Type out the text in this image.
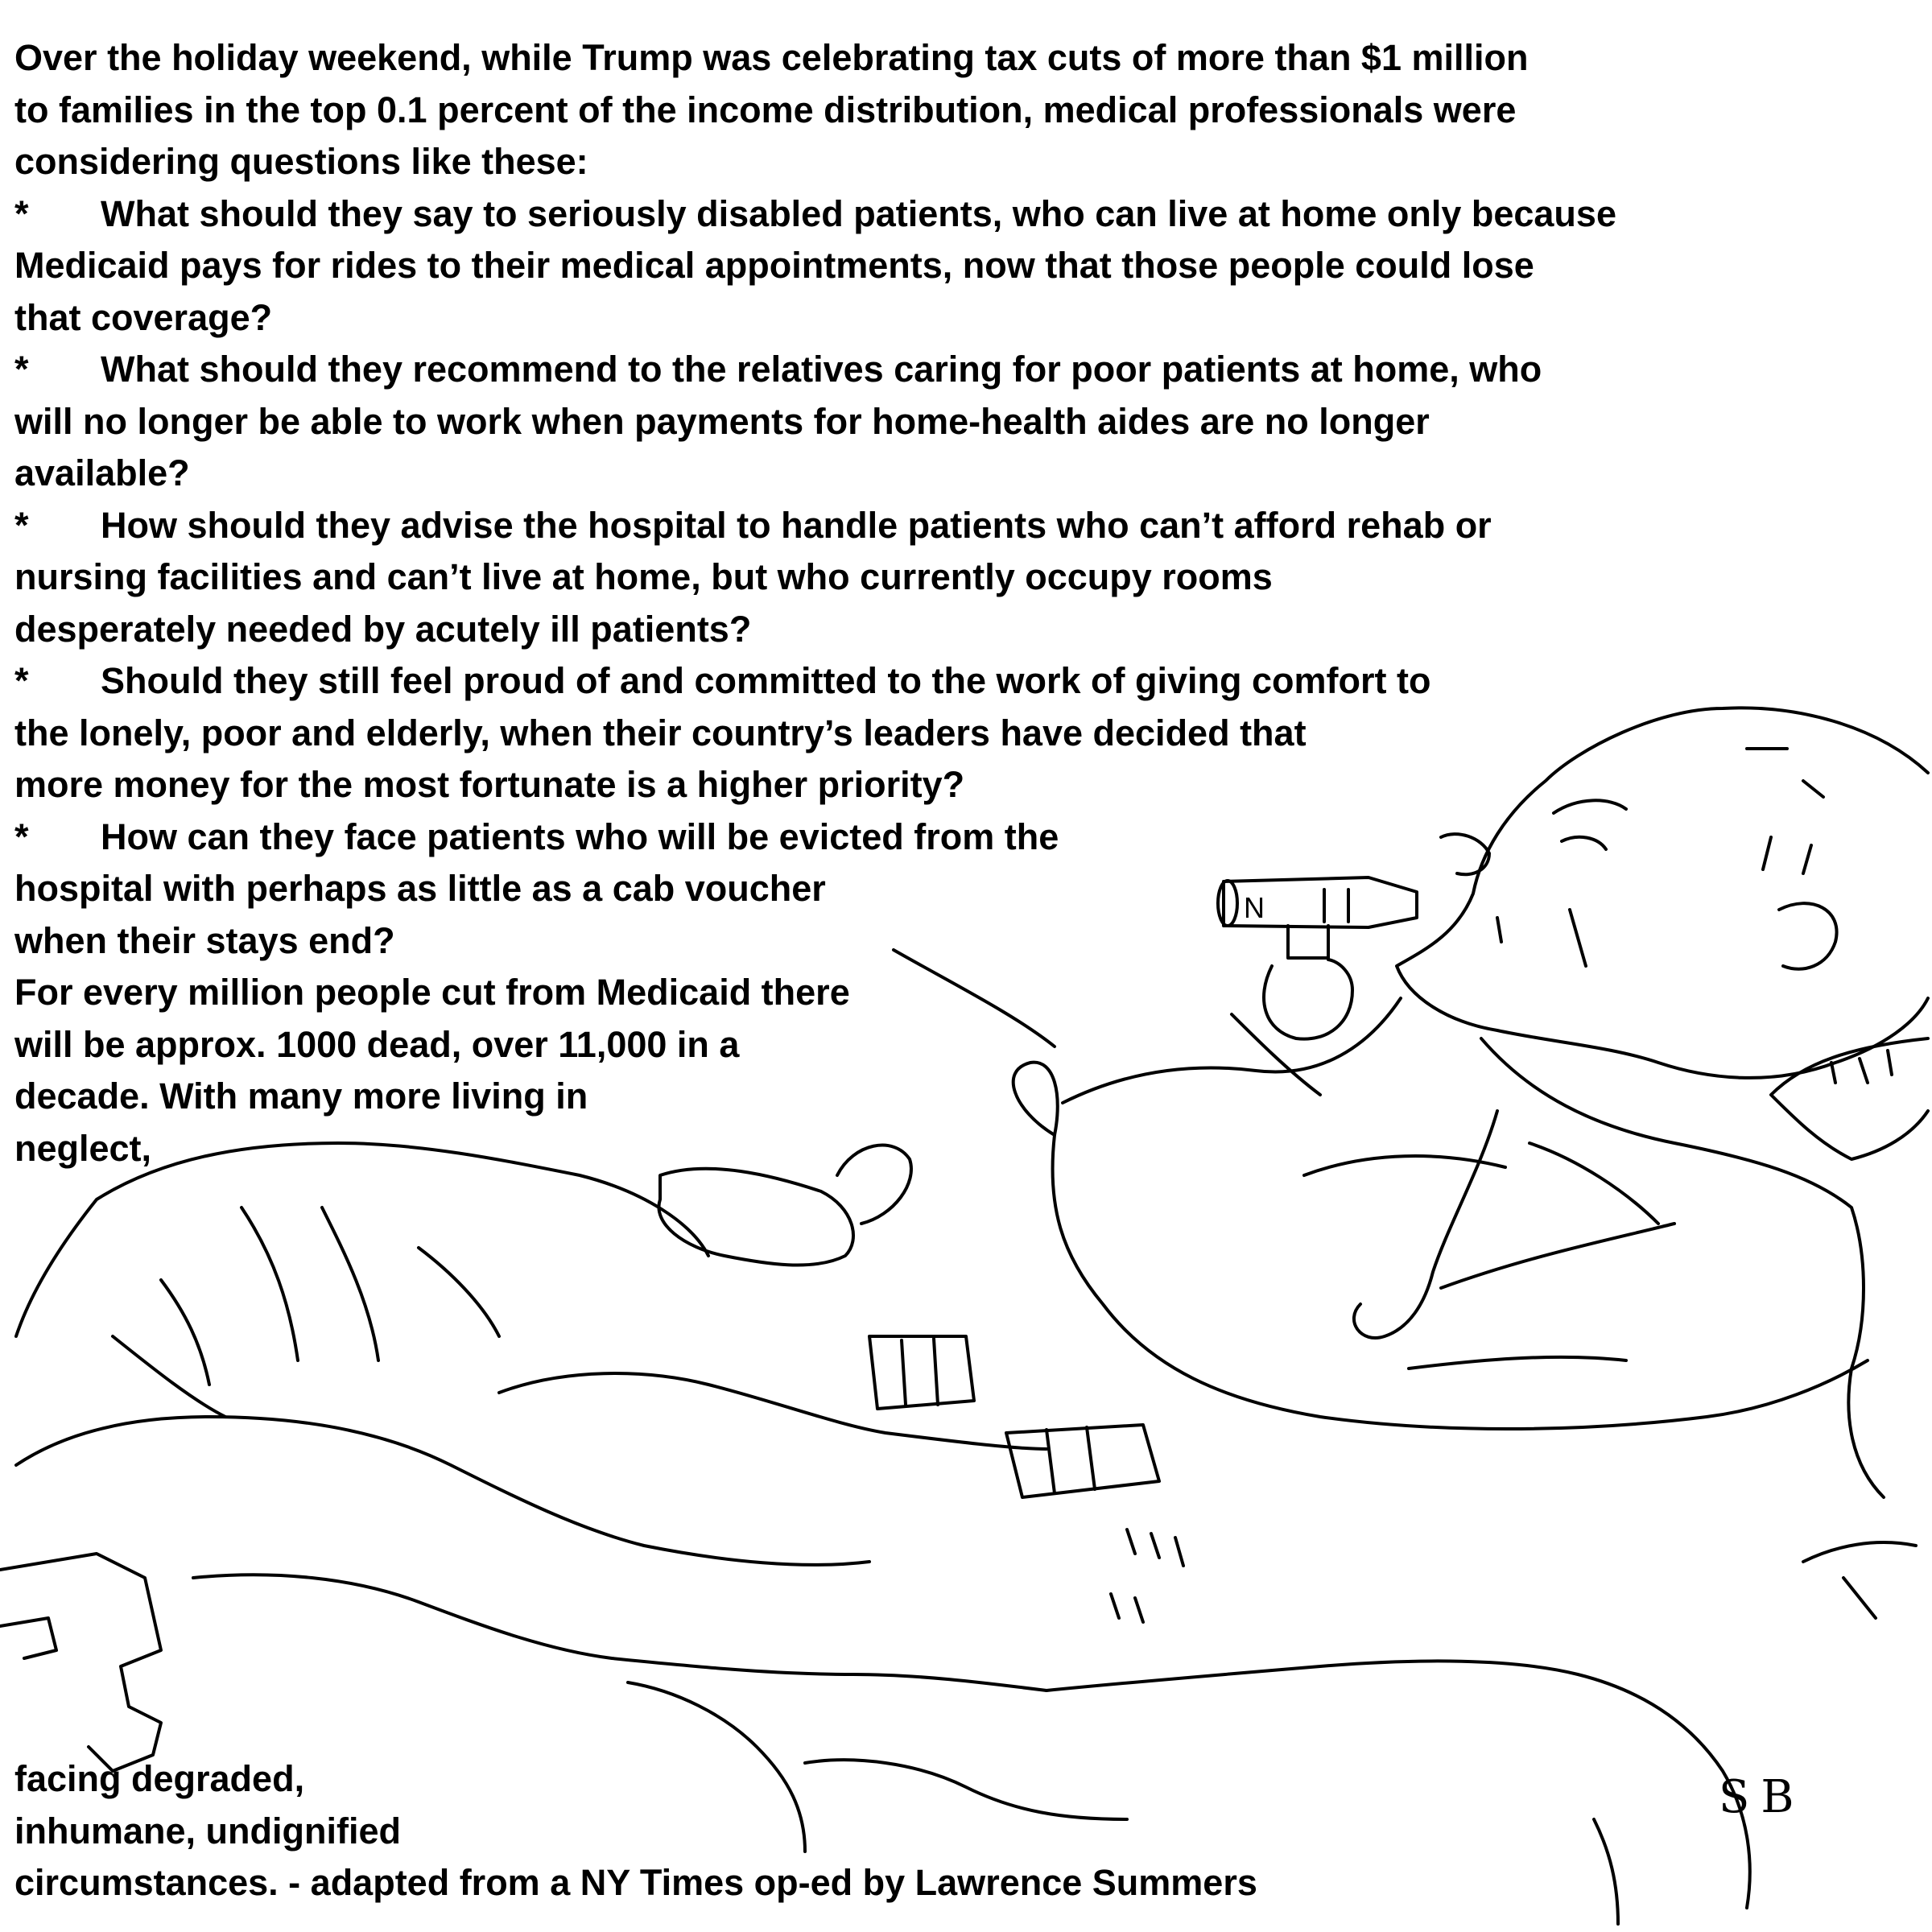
N
Over the holiday weekend, while Trump was celebrating tax cuts of more than $1 million
to families in the top 0.1 percent of the income distribution, medical professionals were
considering questions like these:
* What should they say to seriously disabled patients, who can live at home only because
Medicaid pays for rides to their medical appointments, now that those people could lose
that coverage?
* What should they recommend to the relatives caring for poor patients at home, who
will no longer be able to work when payments for home-health aides are no longer
available?
* How should they advise the hospital to handle patients who can’t afford rehab or
nursing facilities and can’t live at home, but who currently occupy rooms
desperately needed by acutely ill patients?
* Should they still feel proud of and committed to the work of giving comfort to
the lonely, poor and elderly, when their country’s leaders have decided that
more money for the most fortunate is a higher priority?
* How can they face patients who will be evicted from the
hospital with perhaps as little as a cab voucher
when their stays end?
For every million people cut from Medicaid there
will be approx. 1000 dead, over 11,000 in a
decade. With many more living in
neglect,
facing degraded,
inhumane, undignified
circumstances. - adapted from a NY Times op-ed by Lawrence Summers
SB
